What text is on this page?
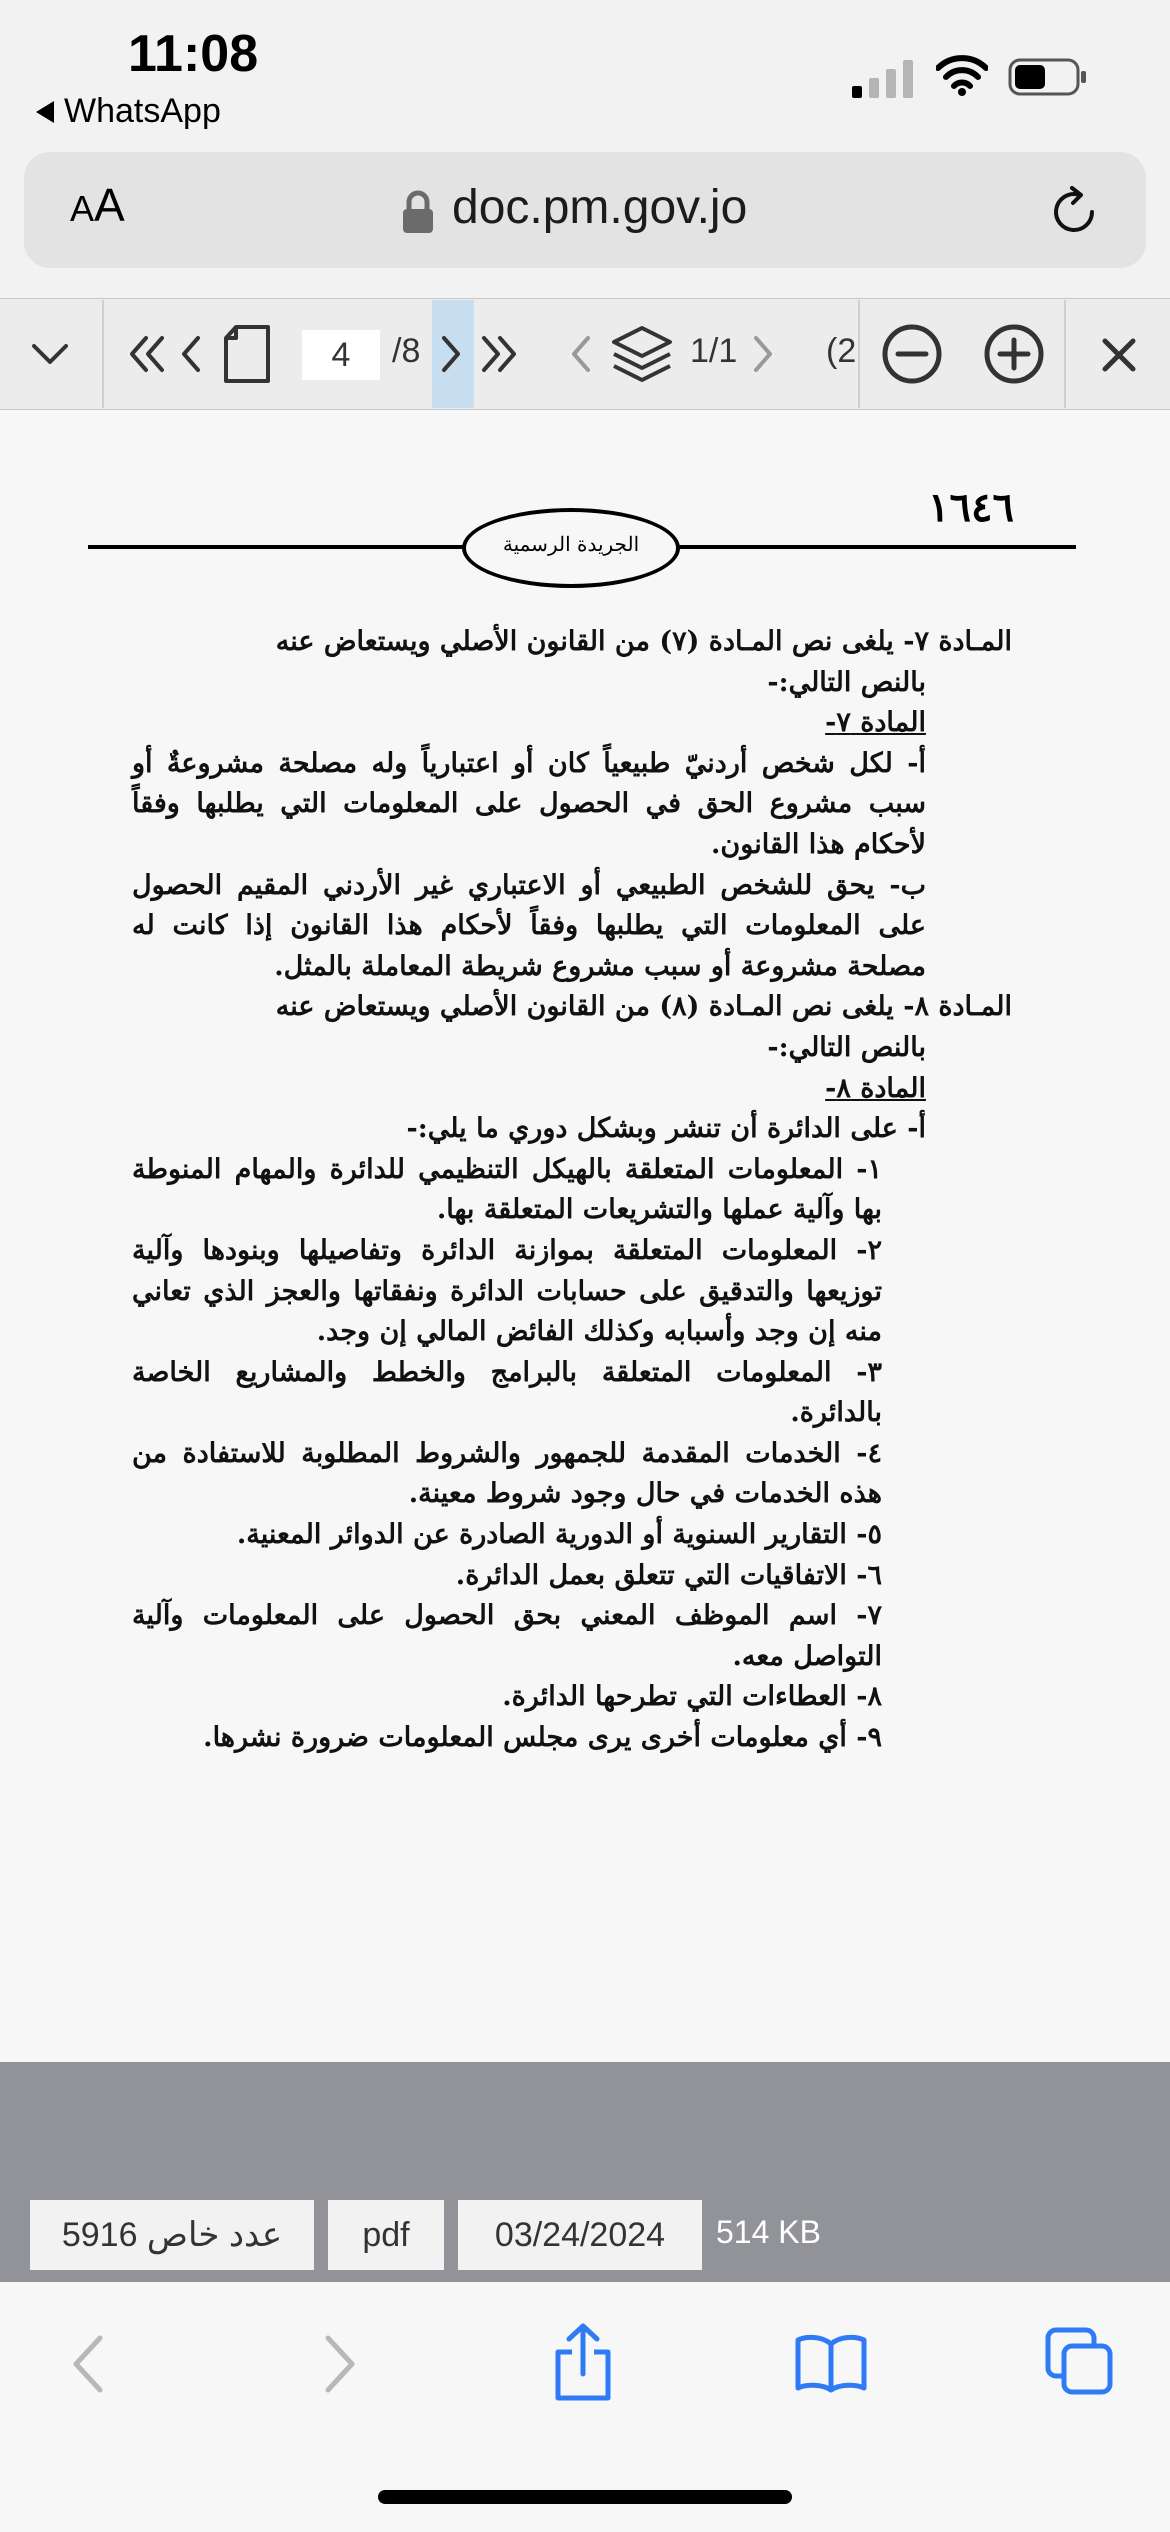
11:08
WhatsApp
AA	doc.pm.gov.jo
4
/8	1/1	(2
١٦٤٦
الجريدة الرسمية

المـادة ٧- يلغى نص المـادة (٧) من القانون الأصلي ويستعاض عنه

بالنص التالي:-

المادة ٧-

أ- لكل شخص أردنيّ طبيعياً كان أو اعتبارياً وله مصلحة مشروعةٌ أو سبب مشروع الحق في الحصول على المعلومات التي يطلبها وفقاً لأحكام هذا القانون.

ب- يحق للشخص الطبيعي أو الاعتباري غير الأردني المقيم الحصول على المعلومات التي يطلبها وفقاً لأحكام هذا القانون إذا كانت له مصلحة مشروعة أو سبب مشروع شريطة المعاملة بالمثل.

المـادة ٨- يلغى نص المـادة (٨) من القانون الأصلي ويستعاض عنه

بالنص التالي:-

المادة ٨-

أ- على الدائرة أن تنشر وبشكل دوري ما يلي:-

١- المعلومات المتعلقة بالهيكل التنظيمي للدائرة والمهام المنوطة بها وآلية عملها والتشريعات المتعلقة بها.

٢- المعلومات المتعلقة بموازنة الدائرة وتفاصيلها وبنودها وآلية توزيعها والتدقيق على حسابات الدائرة ونفقاتها والعجز الذي تعاني منه إن وجد وأسبابه وكذلك الفائض المالي إن وجد.

٣- المعلومات المتعلقة بالبرامج والخطط والمشاريع الخاصة بالدائرة.

٤- الخدمات المقدمة للجمهور والشروط المطلوبة للاستفادة من هذه الخدمات في حال وجود شروط معينة.

٥- التقارير السنوية أو الدورية الصادرة عن الدوائر المعنية.

٦- الاتفاقيات التي تتعلق بعمل الدائرة.

٧- اسم الموظف المعني بحق الحصول على المعلومات وآلية التواصل معه.

٨- العطاءات التي تطرحها الدائرة.

٩- أي معلومات أخرى يرى مجلس المعلومات ضرورة نشرها.

عدد خاص 5916	pdf	03/24/2024	514 KB
